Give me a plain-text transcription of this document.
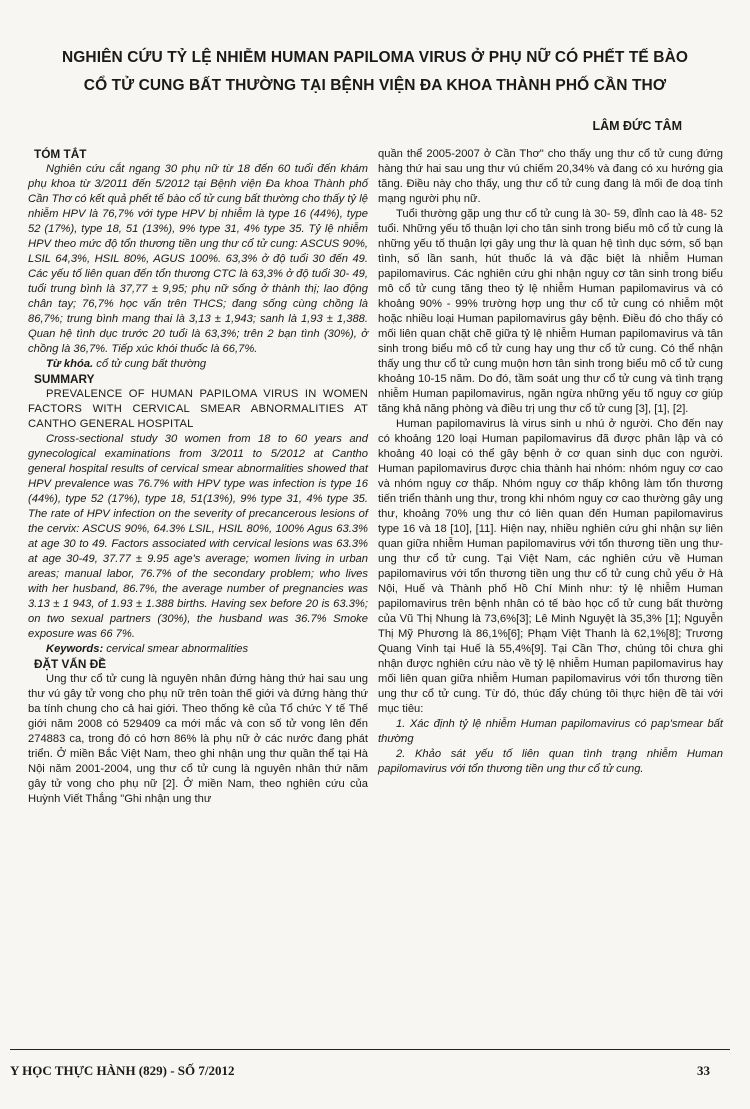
NGHIÊN CỨU TỶ LỆ NHIỄM HUMAN PAPILOMA VIRUS Ở PHỤ NỮ CÓ PHẾT TẾ BÀO
CỔ TỬ CUNG BẤT THƯỜNG TẠI BỆNH VIỆN ĐA KHOA THÀNH PHỐ CẦN THƠ
LÂM ĐỨC TÂM
TÓM TẮT

Nghiên cứu cắt ngang 30 phụ nữ từ 18 đến 60 tuổi đến khám phụ khoa từ 3/2011 đến 5/2012 tại Bệnh viện Đa khoa Thành phố Cần Thơ có kết quả phết tế bào cổ tử cung bất thường cho thấy tỷ lệ nhiễm HPV là 76,7% với type HPV bị nhiễm là type 16 (44%), type 52 (17%), type 18, 51 (13%), 9% type 31, 4% type 35. Tỷ lệ nhiễm HPV theo mức độ tổn thương tiền ung thư cổ tử cung: ASCUS 90%, LSIL 64,3%, HSIL 80%, AGUS 100%. 63,3% ở độ tuổi 30 đến 49. Các yếu tố liên quan đến tổn thương CTC là 63,3% ở độ tuổi 30- 49, tuổi trung bình là 37,77 ± 9,95; phụ nữ sống ở thành thị; lao động chân tay; 76,7% học vấn trên THCS; đang sống cùng chồng là 86,7%; trung bình mang thai là 3,13 ± 1,943; sanh là 1,93 ± 1,388. Quan hệ tình dục trước 20 tuổi là 63,3%; trên 2 bạn tình (30%), ở chồng là 36,7%. Tiếp xúc khói thuốc là 66,7%.

Từ khóa. cổ tử cung bất thường

SUMMARY

PREVALENCE OF HUMAN PAPILOMA VIRUS IN WOMEN FACTORS WITH CERVICAL SMEAR ABNORMALITIES AT CANTHO GENERAL HOSPITAL

Cross-sectional study 30 women from 18 to 60 years and gynecological examinations from 3/2011 to 5/2012 at Cantho general hospital results of cervical smear abnormalities showed that HPV prevalence was 76.7% with HPV type was infection is type 16 (44%), type 52 (17%), type 18, 51(13%), 9% type 31, 4% type 35. The rate of HPV infection on the severity of precancerous lesions of the cervix: ASCUS 90%, 64.3% LSIL, HSIL 80%, 100% Agus 63.3% at age 30 to 49. Factors associated with cervical lesions was 63.3% at age 30-49, 37.77 ± 9.95 age's average; women living in urban areas; manual labor, 76.7% of the secondary problem; who lives with her husband, 86.7%, the average number of pregnancies was 3.13 ± 1 943, of 1.93 ± 1.388 births. Having sex before 20 is 63.3%; on two sexual partners (30%), the husband was 36.7% Smoke exposure was 66 7%.

Keywords: cervical smear abnormalities

ĐẶT VẤN ĐỀ

Ung thư cổ tử cung là nguyên nhân đứng hàng thứ hai sau ung thư vú gây tử vong cho phụ nữ trên toàn thế giới và đứng hàng thứ ba tính chung cho cả hai giới. Theo thống kê của Tổ chức Y tế Thế giới năm 2008 có 529409 ca mới mắc và con số tử vong lên đến 274883 ca, trong đó có hơn 86% là phụ nữ ở các nước đang phát triển. Ở miền Bắc Việt Nam, theo ghi nhận ung thư quần thể tại Hà Nội năm 2001-2004, ung thư cổ tử cung là nguyên nhân thứ năm gây tử vong cho phụ nữ [2]. Ở miền Nam, theo nghiên cứu của Huỳnh Viết Thắng "Ghi nhận ung thư

quần thể 2005-2007 ở Cần Thơ" cho thấy ung thư cổ tử cung đứng hàng thứ hai sau ung thư vú chiếm 20,34% và đang có xu hướng gia tăng. Điều này cho thấy, ung thư cổ tử cung đang là mối đe doạ tính mạng người phụ nữ.

Tuổi thường gặp ung thư cổ tử cung là 30- 59, đỉnh cao là 48- 52 tuổi. Những yếu tố thuận lợi cho tân sinh trong biểu mô cổ tử cung là những yếu tố thuận lợi gây ung thư là quan hệ tình dục sớm, số bạn tình, số lần sanh, hút thuốc lá và đặc biệt là nhiễm Human papilomavirus. Các nghiên cứu ghi nhận nguy cơ tân sinh trong biểu mô cổ tử cung tăng theo tỷ lệ nhiễm Human papilomavirus và có khoảng 90% - 99% trường hợp ung thư cổ tử cung có nhiễm một hoặc nhiều loại Human papilomavirus gây bệnh. Điều đó cho thấy có mối liên quan chặt chẽ giữa tỷ lệ nhiễm Human papilomavirus và tân sinh trong biểu mô cổ tử cung hay ung thư cổ tử cung. Có thể nhận thấy ung thư cổ tử cung muộn hơn tân sinh trong biểu mô cổ tử cung khoảng 10-15 năm. Do đó, tầm soát ung thư cổ tử cung và tình trạng nhiễm Human papilomavirus, ngăn ngừa những yếu tố nguy cơ giúp tăng khả năng phòng và điều trị ung thư cổ tử cung [3], [1], [2].

Human papilomavirus là virus sinh u nhú ở người. Cho đến nay có khoảng 120 loại Human papilomavirus đã được phân lập và có khoảng 40 loại có thể gây bệnh ở cơ quan sinh dục con người. Human papilomavirus được chia thành hai nhóm: nhóm nguy cơ cao và nhóm nguy cơ thấp. Nhóm nguy cơ thấp không làm tổn thương tiến triển thành ung thư, trong khi nhóm nguy cơ cao thường gây ung thư, khoảng 70% ung thư có liên quan đến Human papilomavirus type 16 và 18 [10], [11]. Hiện nay, nhiều nghiên cứu ghi nhận sự liên quan giữa nhiễm Human papilomavirus với tổn thương tiền ung thư- ung thư cổ tử cung. Tại Việt Nam, các nghiên cứu về Human papilomavirus với tổn thương tiền ung thư cổ tử cung chủ yếu ở Hà Nội, Huế và Thành phố Hồ Chí Minh như: tỷ lệ nhiễm Human papilomavirus trên bệnh nhân có tế bào học cổ tử cung bất thường của Vũ Thị Nhung là 73,6%[3]; Lê Minh Nguyệt là 35,3% [1]; Nguyễn Thị Mỹ Phương là 86,1%[6]; Phạm Việt Thanh là 62,1%[8]; Trương Quang Vinh tại Huế là 55,4%[9]. Tại Cần Thơ, chúng tôi chưa ghi nhận được nghiên cứu nào về tỷ lệ nhiễm Human papilomavirus hay mối liên quan giữa nhiễm Human papilomavirus với tổn thương tiền ung thư cổ tử cung. Từ đó, thúc đẩy chúng tôi thực hiện đề tài với mục tiêu:

1. Xác định tỷ lệ nhiễm Human papilomavirus có pap'smear bất thường

2. Khảo sát yếu tố liên quan tình trạng nhiễm Human papilomavirus với tổn thương tiền ung thư cổ tử cung.

Y HỌC THỰC HÀNH (829) - SỐ 7/2012	33
